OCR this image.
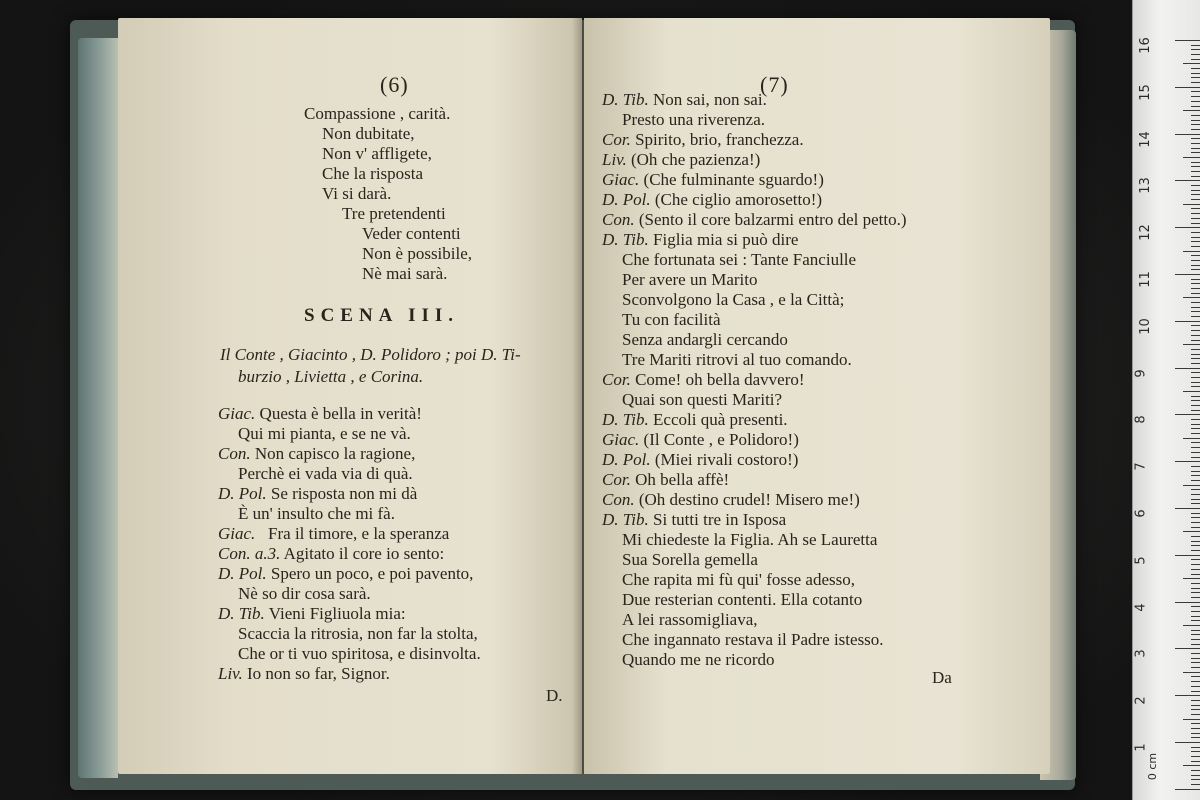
(6)
Compassione , carità.
Non dubitate,
Non v' affligete,
Che la risposta
Vi si darà.
Tre pretendenti
Veder contenti
Non è possibile,
Nè mai sarà.
SCENA III.
Il Conte , Giacinto , D. Polidoro ; poi D. Ti-
burzio , Livietta , e Corina.
Giac. Questa è bella in verità!
Qui mi pianta, e se ne và.
Con. Non capisco la ragione,
Perchè ei vada via di quà.
D. Pol. Se risposta non mi dà
È un' insulto che mi fà.
Giac. Fra il timore, e la speranza
Con. a.3. Agitato il core io sento:
D. Pol. Spero un poco, e poi pavento,
Nè so dir cosa sarà.
D. Tib. Vieni Figliuola mia:
Scaccia la ritrosia, non far la stolta,
Che or ti vuo spiritosa, e disinvolta.
Liv. Io non so far, Signor.
D.
(7)
D. Tib. Non sai, non sai.
Presto una riverenza.
Cor. Spirito, brio, franchezza.
Liv. (Oh che pazienza!)
Giac. (Che fulminante sguardo!)
D. Pol. (Che ciglio amorosetto!)
Con. (Sento il core balzarmi entro del petto.)
D. Tib. Figlia mia si può dire
Che fortunata sei : Tante Fanciulle
Per avere un Marito
Sconvolgono la Casa , e la Città;
Tu con facilità
Senza andargli cercando
Tre Mariti ritrovi al tuo comando.
Cor. Come! oh bella davvero!
Quai son questi Mariti?
D. Tib. Eccoli quà presenti.
Giac. (Il Conte , e Polidoro!)
D. Pol. (Miei rivali costoro!)
Cor. Oh bella affè!
Con. (Oh destino crudel! Misero me!)
D. Tib. Si tutti tre in Isposa
Mi chiedeste la Figlia. Ah se Lauretta
Sua Sorella gemella
Che rapita mi fù qui' fosse adesso,
Due resterian contenti. Ella cotanto
A lei rassomigliava,
Che ingannato restava il Padre istesso.
Quando me ne ricordo
Da
0 cm
16
15
14
13
12
11
10
9
8
7
6
5
4
3
2
1
